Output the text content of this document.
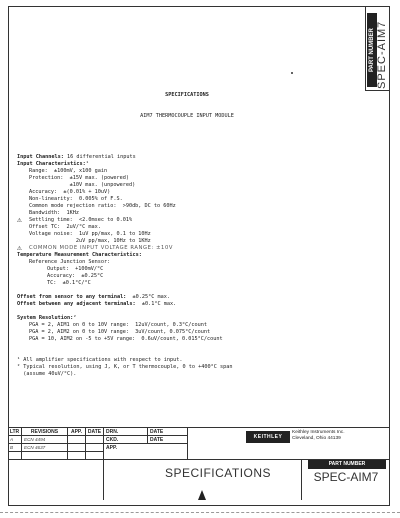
PART NUMBER SPEC-AIM7

SPECIFICATIONS

AIM7 THERMOCOUPLE INPUT MODULE

Input Channels: 16 differential inputs
Input Characteristics:¹
Range:  ±100mV, x100 gain
Protection:  ±15V max. (powered)
±10V max. (unpowered)
Accuracy:  ±(0.01% + 10uV)
Non-linearity:  0.005% of F.S.
Common mode rejection ratio:  >90db, DC to 60Hz
Bandwidth:  1KHz
⚠ Settling time:  <2.0msec to 0.01%
Offset TC:  2uV/°C max.
Voltage noise:  1uV pp/max, 0.1 to 10Hz
2uV pp/max, 10Hz to 1KHz
⚠ COMMON MODE INPUT VOLTAGE RANGE: ±10V
Temperature Measurement Characteristics:
Reference Junction Sensor:
Output:  +100mV/°C
Accuracy:  ±0.25°C
TC:  ±0.1°C/°C
Offset from sensor to any terminal:  ±0.25°C max.
Offset between any adjacent terminals:  ±0.1°C max.
System Resolution:²
PGA = 2, AIM1 on 0 to 10V range:  12uV/count, 0.3°C/count
PGA = 2, AIM2 on 0 to 10V range:  3uV/count, 0.075°C/count
PGA = 10, AIM2 on -5 to +5V range:  0.6uV/count, 0.015°C/count
¹ All amplifier specifications with respect to input.
² Typical resolution, using J, K, or T thermocouple, 0 to +400°C span
(assume 40uV/°C).

LTR	REVISIONS	APP.	DATE
A	ECN 4494
B	ECN 4637
DRN.	DATE
CKD.	DATE
APP.
KEITHLEY
Keithley Instruments Inc.
Cleveland, Ohio 44139
SPECIFICATIONS
PART NUMBER
SPEC-AIM7
